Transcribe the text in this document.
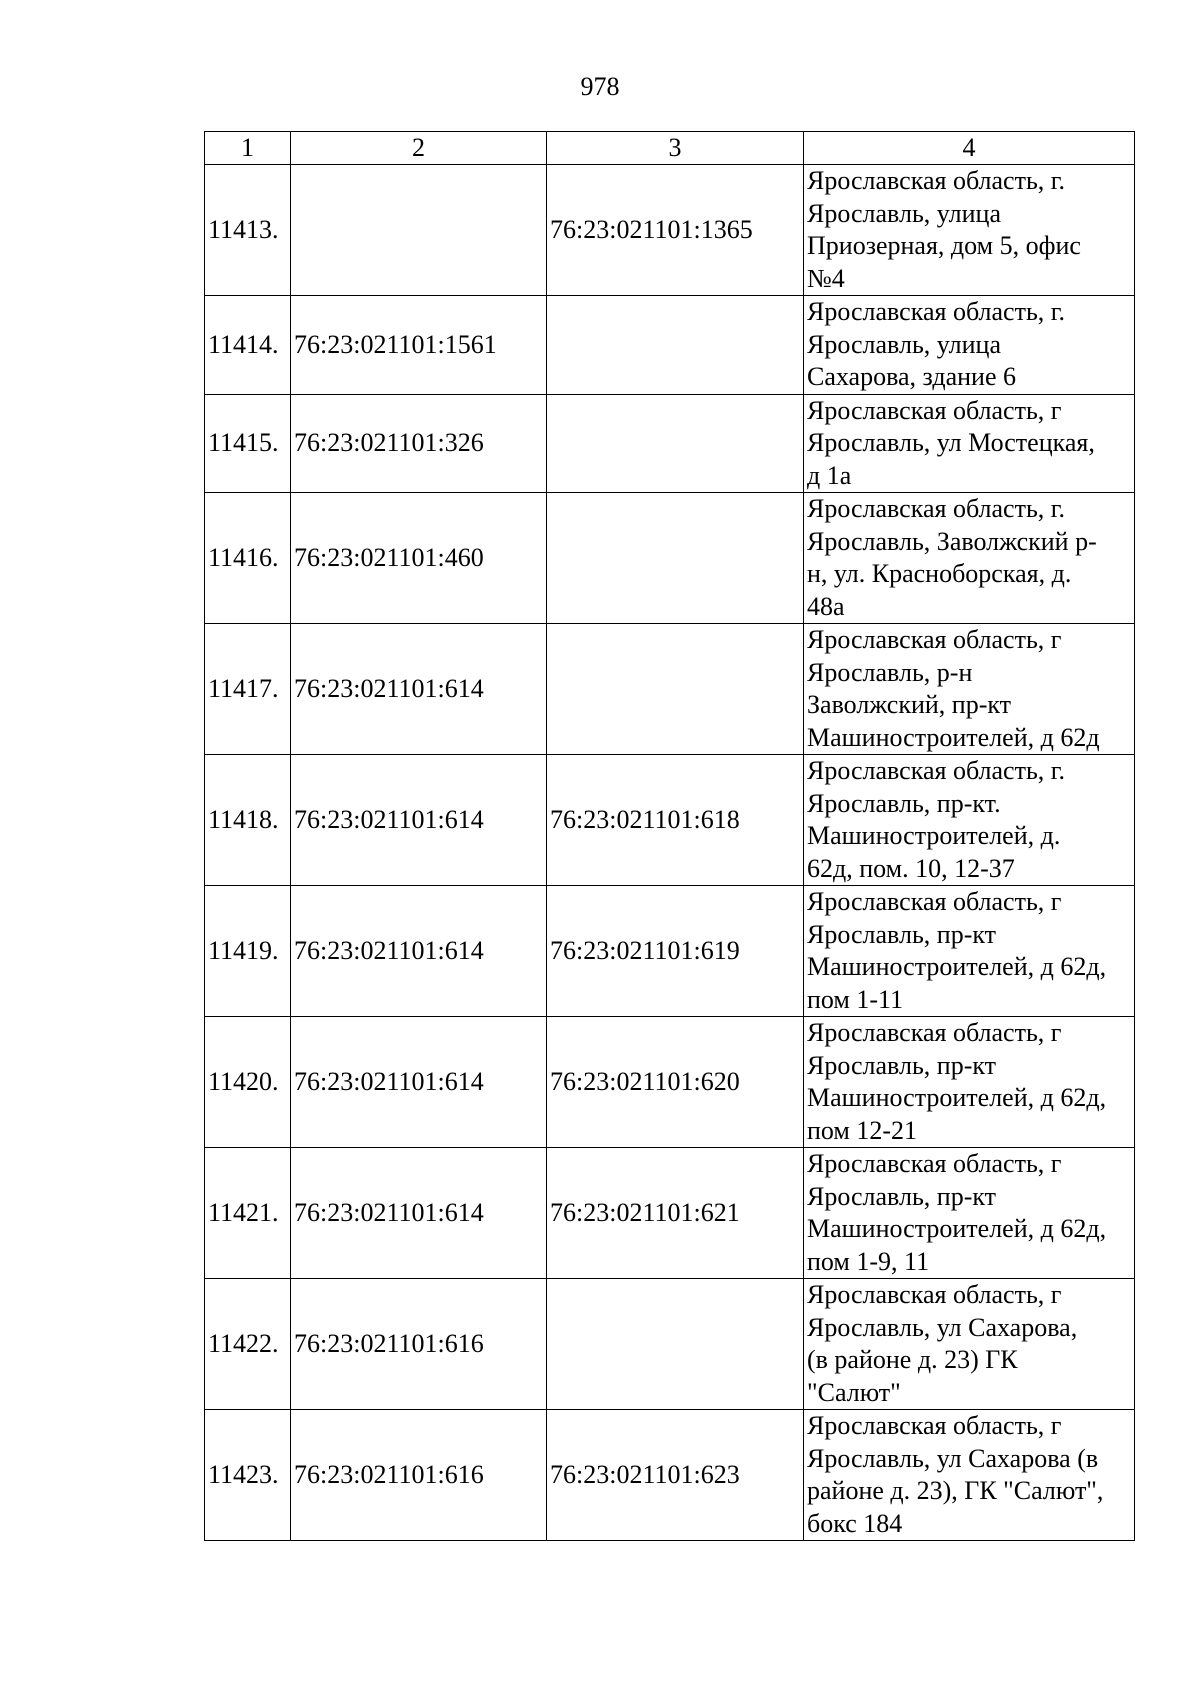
978
1	2	3	4
11413.		76:23:021101:1365	Ярославская область, г.
Ярославль, улица
Приозерная, дом 5, офис
№4
11414.	76:23:021101:1561		Ярославская область, г.
Ярославль, улица
Сахарова, здание 6
11415.	76:23:021101:326		Ярославская область, г
Ярославль, ул Мостецкая,
д 1а
11416.	76:23:021101:460		Ярославская область, г.
Ярославль, Заволжский р-
н, ул. Красноборская, д.
48а
11417.	76:23:021101:614		Ярославская область, г
Ярославль, р-н
Заволжский, пр-кт
Машиностроителей, д 62д
11418.	76:23:021101:614	76:23:021101:618	Ярославская область, г.
Ярославль, пр-кт.
Машиностроителей, д.
62д, пом. 10, 12-37
11419.	76:23:021101:614	76:23:021101:619	Ярославская область, г
Ярославль, пр-кт
Машиностроителей, д 62д,
пом 1-11
11420.	76:23:021101:614	76:23:021101:620	Ярославская область, г
Ярославль, пр-кт
Машиностроителей, д 62д,
пом 12-21
11421.	76:23:021101:614	76:23:021101:621	Ярославская область, г
Ярославль, пр-кт
Машиностроителей, д 62д,
пом 1-9, 11
11422.	76:23:021101:616		Ярославская область, г
Ярославль, ул Сахарова,
(в районе д. 23) ГК
"Салют"
11423.	76:23:021101:616	76:23:021101:623	Ярославская область, г
Ярославль, ул Сахарова (в
районе д. 23), ГК "Салют",
бокс 184
